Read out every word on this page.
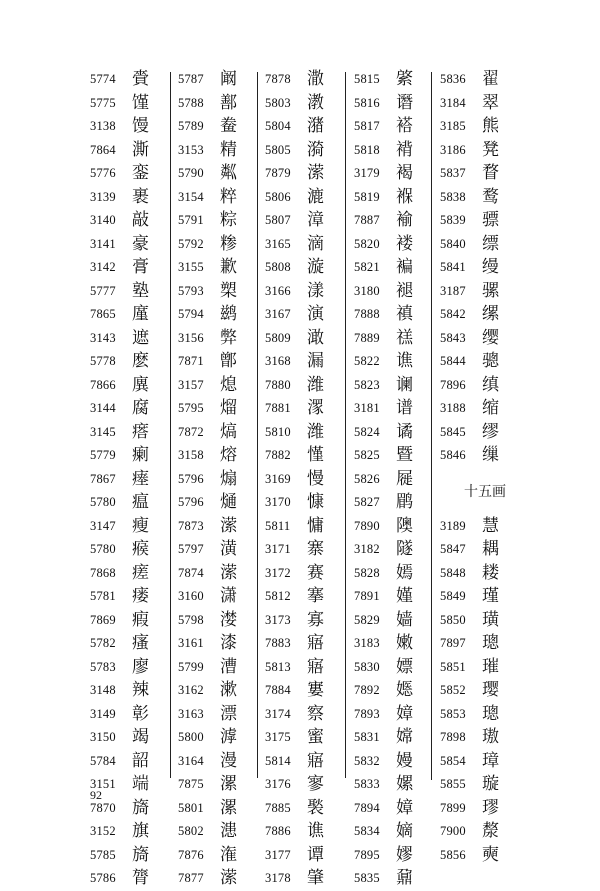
5774 賫
5775 馑
3138 馒
7864 澌
5776 銮
3139 裹
3140 敲
3141 豪
3142 膏
5777 塾
7865 廑
3143 遮
5778 麽
7866 廙
3144 腐
3145 瘩
5779 瘌
7867 瘗
5780 瘟
3147 瘦
5780 瘊
7868 瘥
5781 瘘
7869 瘕
5782 瘙
5783 廖
3148 辣
3149 彰
3150 竭
5784 韶
3151 端
7870 旖
3152 旗
5785 旖
5786 膂
5787 阚
5788 鄯
5789 鲞
3153 精
5790 粼
3154 粹
5791 粽
5792 糁
3155 歉
5793 槊
5794 鹚
3156 弊
7871 鄫
3157 熄
5795 熘
7872 熇
3158 熔
5796 煽
5796 熥
7873 潆
5797 潢
7874 潆
3160 潇
5798 漤
3161 漆
5799 漕
3162 漱
3163 漂
5800 滹
3164 漫
7875 漯
5801 漯
5802 漶
7876 潅
7877 潆
7878 潵
5803 漖
5804 潴
5805 漪
7879 潆
5806 漉
5807 漳
3165 滴
5808 漩
3166 漾
3167 演
5809 澉
3168 漏
7880 潍
7881 潈
5810 潍
7882 慬
3169 慢
3170 慷
5811 慵
3171 寨
3172 赛
5812 搴
3173 寡
7883 寤
5813 寤
7884 寠
3174 察
3175 蜜
5814 寤
3176 寥
7885 褧
7886 谯
3177 谭
3178 肇
5815 綮
5816 谮
5817 褡
5818 褙
3179 褐
5819 褓
7887 褕
5820 褛
5821 褊
3180 褪
7888 禛
7889 禚
5822 谯
5823 谰
3181 谱
5824 谲
5825 暨
5826 屣
5827 鹛
7890 隩
3182 隧
5828 嫣
7891 嫤
5829 嫱
3183 嫩
5830 嫖
7892 嫕
7893 嫜
5831 嫦
5832 嫚
5833 嫘
7894 嫜
5834 嫡
7895 嫪
5835 鼐
5836 翟
3184 翠
3185 熊
3186 凳
5837 瞀
5838 鹜
5839 骠
5840 缥
5841 缦
3187 骡
5842 缧
5843 缨
5844 骢
7896 缜
3188 缩
5845 缪
5846 缫
十五画
3189 慧
5847 耦
5848 耧
5849 瑾
5850 璜
7897 璁
5851 璀
5852 璎
5853 璁
7898 璈
5854 璋
5855 璇
7899 璆
7900 漦
5856 奭
92
